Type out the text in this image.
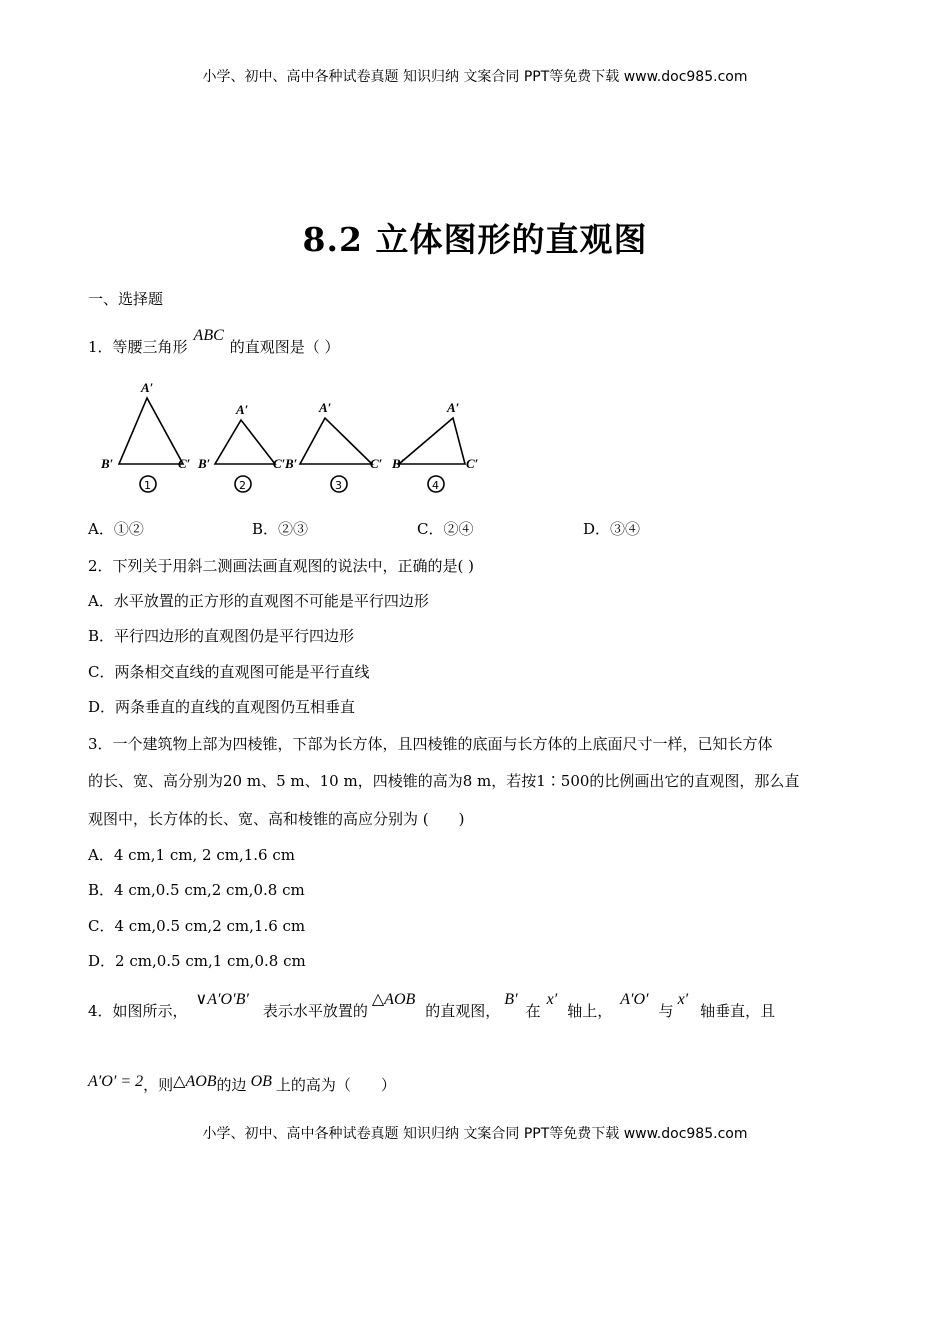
小学、初中、高中各种试卷真题 知识归纳 文案合同 PPT等免费下载 www.doc985.com
8.2 立体图形的直观图
一、选择题
1．等腰三角形ABC的直观图是（ ）
A′
B′	C′
A′
B′	C′
A′
B′	C′
A′
B′	C′
1	2	3	4
A．①②	B．②③	C．②④	D．③④
2．下列关于用斜二测画法画直观图的说法中，正确的是( )
A．水平放置的正方形的直观图不可能是平行四边形
B．平行四边形的直观图仍是平行四边形
C．两条相交直线的直观图可能是平行直线
D．两条垂直的直线的直观图仍互相垂直
3．一个建筑物上部为四棱锥，下部为长方体，且四棱锥的底面与长方体的上底面尺寸一样，已知长方体
的长、宽、高分别为20 m、5 m、10 m，四棱锥的高为8 m，若按1∶500的比例画出它的直观图，那么直
观图中，长方体的长、宽、高和棱锥的高应分别为 (　　)
A．4 cm,1 cm, 2 cm,1.6 cm
B．4 cm,0.5 cm,2 cm,0.8 cm
C．4 cm,0.5 cm,2 cm,1.6 cm
D．2 cm,0.5 cm,1 cm,0.8 cm
4．如图所示，∨A′O′B′表示水平放置的△AOB的直观图，B′在x′轴上，A′O′与x′轴垂直，且
A′O′ = 2，则△AOB的边 OB 上的高为（　　）
小学、初中、高中各种试卷真题 知识归纳 文案合同 PPT等免费下载 www.doc985.com
